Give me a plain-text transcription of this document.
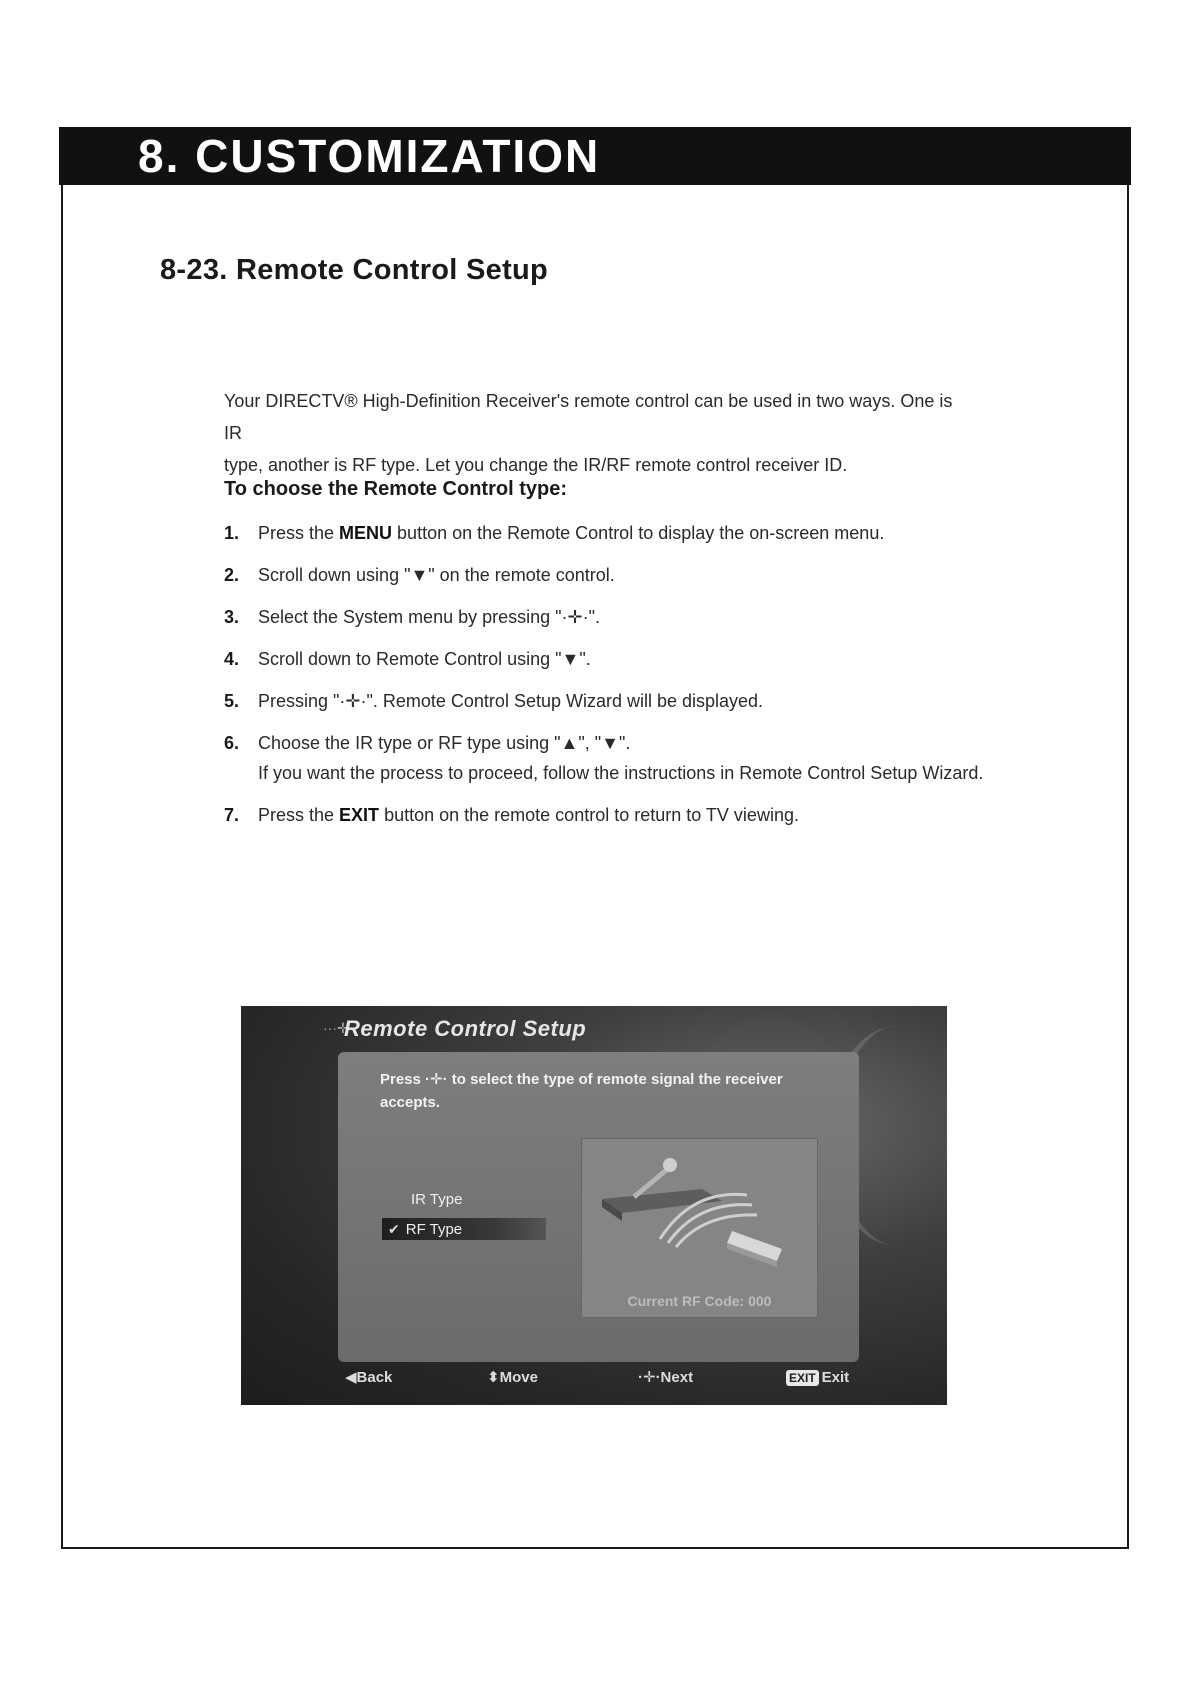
8. CUSTOMIZATION
8-23. Remote Control Setup

Your DIRECTV® High-Definition Receiver's remote control can be used in two ways. One is IR
type, another is RF type. Let you change the IR/RF remote control receiver ID.

To choose the Remote Control type:
1. Press the MENU button on the Remote Control to display the on-screen menu.
2. Scroll down using "▼" on the remote control.
3. Select the System menu by pressing "·✛·".
4. Scroll down to Remote Control using "▼".
5. Pressing "·✛·". Remote Control Setup Wizard will be displayed.
6. Choose the IR type or RF type using "▲", "▼".
If you want the process to proceed, follow the instructions in Remote Control Setup Wizard.
7. Press the EXIT button on the remote control to return to TV viewing.
···✛
Remote Control Setup

Press ·✛· to select the type of remote signal the receiver accepts.

IR Type
✔ RF Type
Current RF Code: 000
◀Back	⬍Move	·✛·Next	EXIT Exit
